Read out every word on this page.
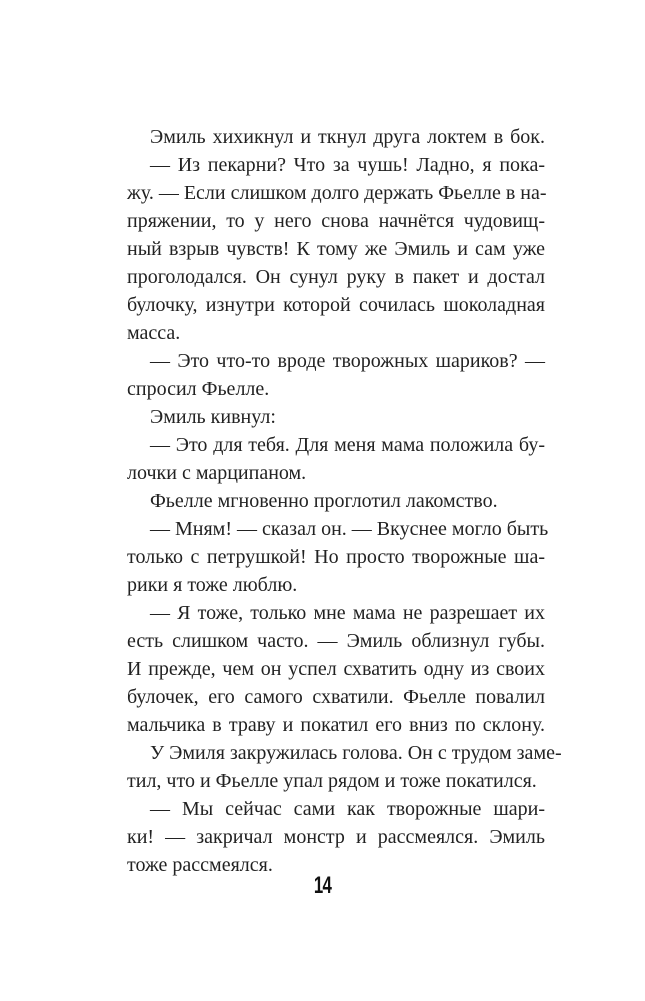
Эмиль хихикнул и ткнул друга локтем в бок.
— Из пекарни? Что за чушь! Ладно, я пока-
жу. — Если слишком долго держать Фьелле в на-
пряжении, то у него снова начнётся чудовищ-
ный взрыв чувств! К тому же Эмиль и сам уже
проголодался. Он сунул руку в пакет и достал
булочку, изнутри которой сочилась шоколадная
масса.
— Это что-то вроде творожных шариков? —
спросил Фьелле.
Эмиль кивнул:
— Это для тебя. Для меня мама положила бу-
лочки с марципаном.
Фьелле мгновенно проглотил лакомство.
— Мням! — сказал он. — Вкуснее могло быть
только с петрушкой! Но просто творожные ша-
рики я тоже люблю.
— Я тоже, только мне мама не разрешает их
есть слишком часто. — Эмиль облизнул губы.
И прежде, чем он успел схватить одну из своих
булочек, его самого схватили. Фьелле повалил
мальчика в траву и покатил его вниз по склону.
У Эмиля закружилась голова. Он с трудом заме-
тил, что и Фьелле упал рядом и тоже покатился.
— Мы сейчас сами как творожные шари-
ки! — закричал монстр и рассмеялся. Эмиль
тоже рассмеялся.
14
